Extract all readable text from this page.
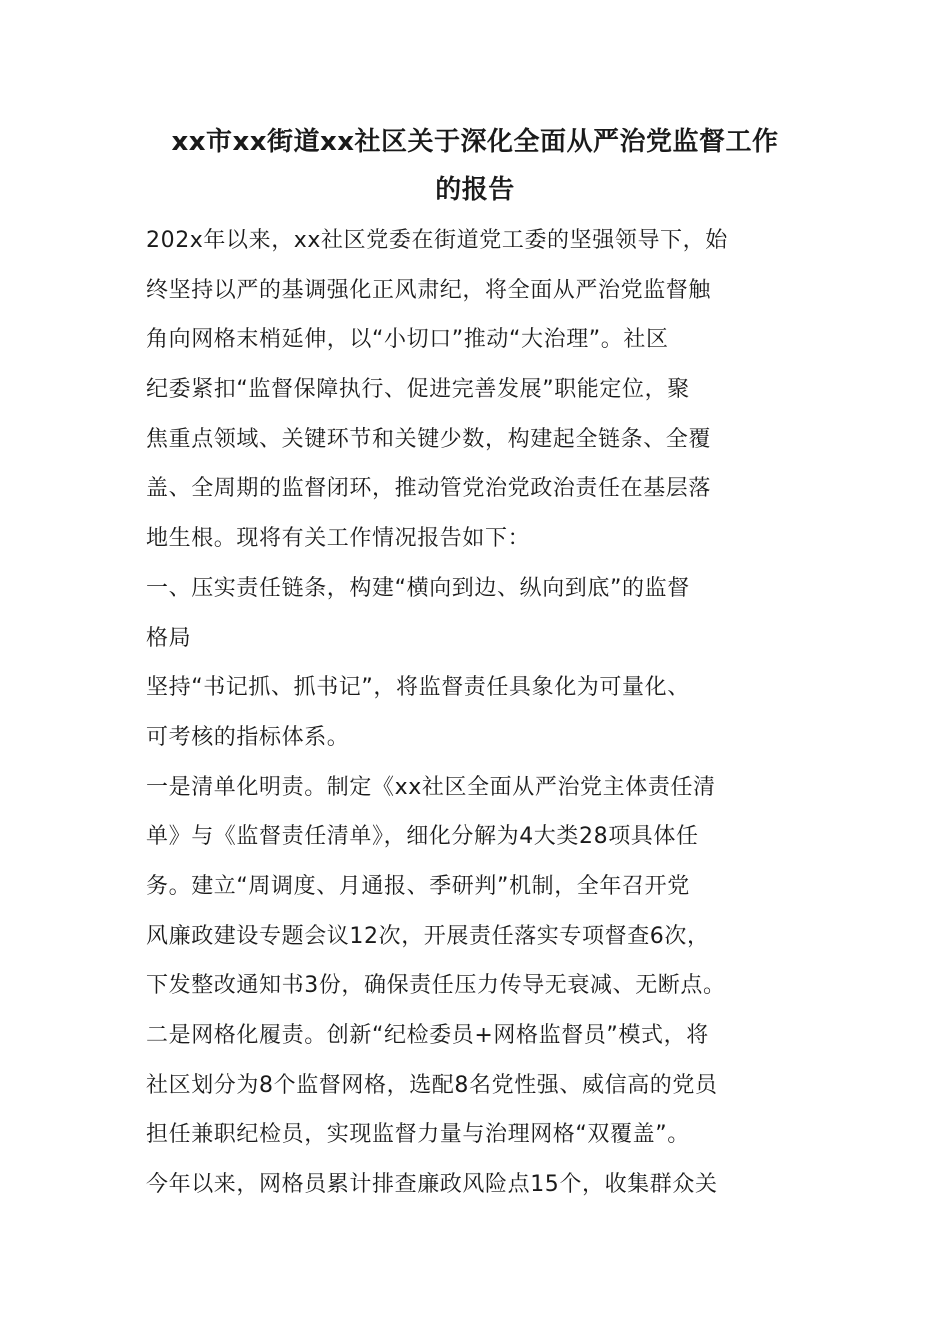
xx市xx街道xx社区关于深化全面从严治党监督工作
的报告

202x年以来，xx社区党委在街道党工委的坚强领导下，始

终坚持以严的基调强化正风肃纪，将全面从严治党监督触

角向网格末梢延伸，以“小切口”推动“大治理”。社区

纪委紧扣“监督保障执行、促进完善发展”职能定位，聚

焦重点领域、关键环节和关键少数，构建起全链条、全覆

盖、全周期的监督闭环，推动管党治党政治责任在基层落

地生根。现将有关工作情况报告如下：

一、压实责任链条，构建“横向到边、纵向到底”的监督

格局

坚持“书记抓、抓书记”，将监督责任具象化为可量化、

可考核的指标体系。

一是清单化明责。制定《xx社区全面从严治党主体责任清

单》与《监督责任清单》，细化分解为4大类28项具体任

务。建立“周调度、月通报、季研判”机制，全年召开党

风廉政建设专题会议12次，开展责任落实专项督查6次，

下发整改通知书3份，确保责任压力传导无衰减、无断点。

二是网格化履责。创新“纪检委员+网格监督员”模式，将

社区划分为8个监督网格，选配8名党性强、威信高的党员

担任兼职纪检员，实现监督力量与治理网格“双覆盖”。

今年以来，网格员累计排查廉政风险点15个，收集群众关
